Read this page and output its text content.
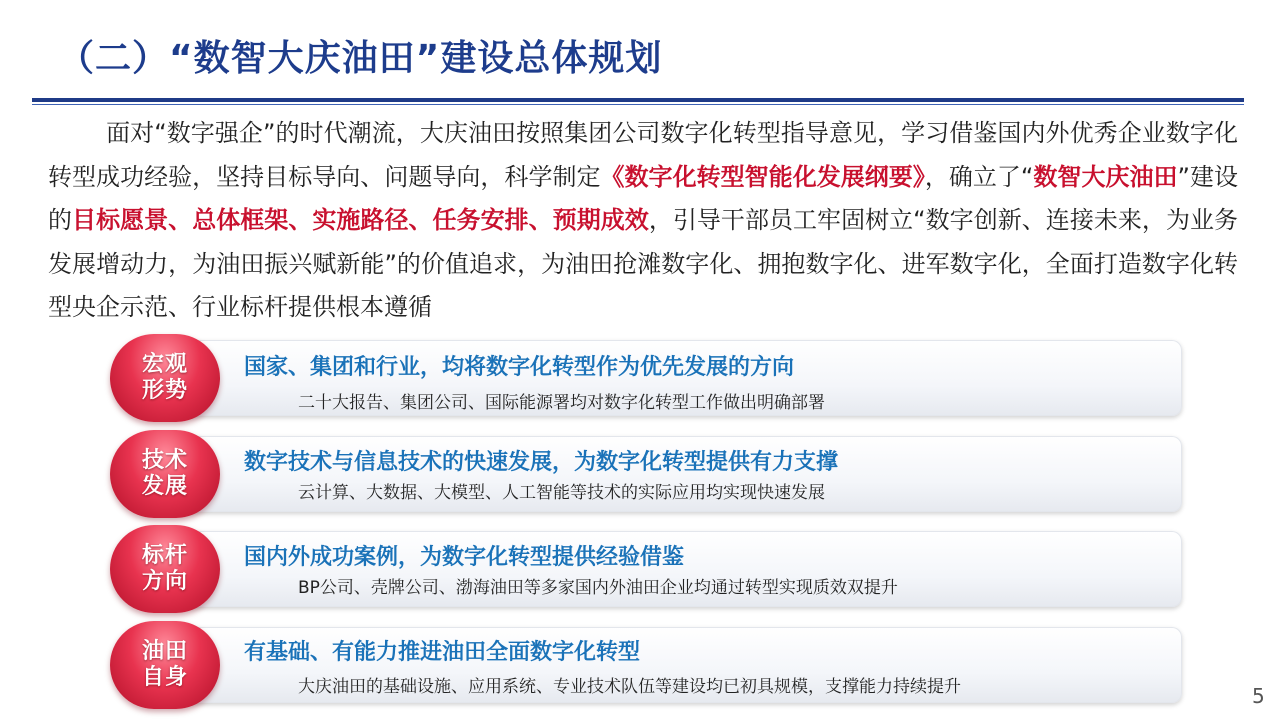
（二）“数智大庆油田”建设总体规划
面对“数字强企”的时代潮流，大庆油田按照集团公司数字化转型指导意见，学习借鉴国内外优秀企业数字化转型成功经验，坚持目标导向、问题导向，科学制定《数字化转型智能化发展纲要》，确立了“数智大庆油田”建设的目标愿景、总体框架、实施路径、任务安排、预期成效，引导干部员工牢固树立“数字创新、连接未来，为业务发展增动力，为油田振兴赋新能”的价值追求，为油田抢滩数字化、拥抱数字化、进军数字化，全面打造数字化转型央企示范、行业标杆提供根本遵循
宏观
形势
国家、集团和行业，均将数字化转型作为优先发展的方向
二十大报告、集团公司、国际能源署均对数字化转型工作做出明确部署
技术
发展
数字技术与信息技术的快速发展，为数字化转型提供有力支撑
云计算、大数据、大模型、人工智能等技术的实际应用均实现快速发展
标杆
方向
国内外成功案例，为数字化转型提供经验借鉴
BP公司、壳牌公司、渤海油田等多家国内外油田企业均通过转型实现质效双提升
油田
自身
有基础、有能力推进油田全面数字化转型
大庆油田的基础设施、应用系统、专业技术队伍等建设均已初具规模，支撑能力持续提升	5
